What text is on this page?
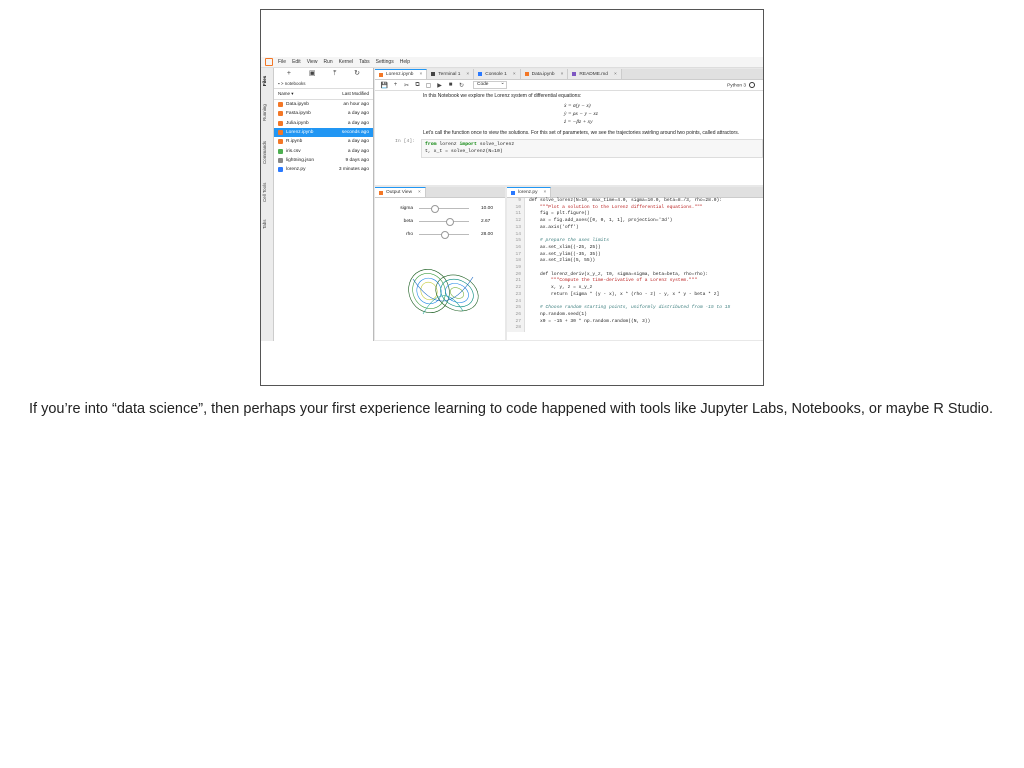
File Edit View Run Kernel Tabs Settings Help
Files
Running
Commands
Cell Tools
Tabs
+	▣	⤒	↻
▪ > notebooks
Name ▾	Last Modified
Data.ipynb	an hour ago
Fasta.ipynb	a day ago
Julia.ipynb	a day ago
Lorenz.ipynb	seconds ago
R.ipynb	a day ago
iris.csv	a day ago
lightning.json	9 days ago
lorenz.py	3 minutes ago
Lorenz.ipynb ×	Terminal 1 ×	Console 1 ×	Data.ipynb ×	README.md ×
💾 +	✂	⧉	▢ ▶	■	↻	Code ⌄	Python 3
In this Notebook we explore the Lorenz system of differential equations:
ẋ = σ(y − x)
ẏ = ρx − y − xz
ż = −βz + xy
Let's call the function once to view the solutions. For this set of parameters, we see the trajectories swirling around two points, called attractors.
In [4]:
from lorenz import solve_lorenz
t, x_t = solve_lorenz(N=10)
Output View ×
sigma	10.00
beta	2.67
rho	28.00
lorenz.py ×
9
10
11
12
13
14
15
16
17
18
19
20
21
22
23
24
25
26
27
28
def solve_lorenz(N=10, max_time=4.0, sigma=10.0, beta=8./3, rho=28.0):
"""Plot a solution to the Lorenz differential equations."""
fig = plt.figure()
ax = fig.add_axes([0, 0, 1, 1], projection='3d')
ax.axis('off')
# prepare the axes limits
ax.set_xlim((-25, 25))
ax.set_ylim((-35, 35))
ax.set_zlim((5, 55))
def lorenz_deriv(x_y_z, t0, sigma=sigma, beta=beta, rho=rho):
"""Compute the time-derivative of a Lorenz system."""
x, y, z = x_y_z
return [sigma * (y - x), x * (rho - z) - y, x * y - beta * z]
# Choose random starting points, uniformly distributed from -15 to 15
np.random.seed(1)
x0 = -15 + 30 * np.random.random((N, 3))
If you’re into “data science”, then perhaps your first experience learning to code happened with tools like Jupyter Labs, Notebooks, or maybe R Studio.
